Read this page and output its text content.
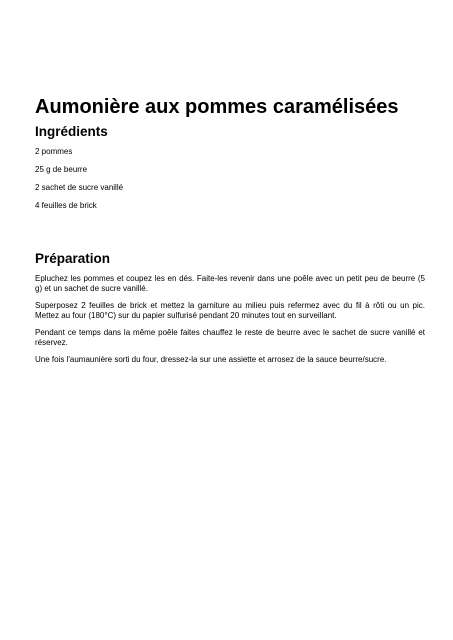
Aumonière aux pommes caramélisées
Ingrédients
2 pommes
25 g de beurre
2 sachet de sucre vanillé
4 feuilles de brick
Préparation

Epluchez les pommes et coupez les en dés. Faite-les revenir dans une poêle avec un petit peu de beurre (5 g) et un sachet de sucre vanillé.

Superposez 2 feuilles de brick et mettez la garniture au milieu puis refermez avec du fil à rôti ou un pic. Mettez au four (180°C) sur du papier sulfurisé pendant 20 minutes tout en surveillant.

Pendant ce temps dans la même poêle faites chauffez le reste de beurre avec le sachet de sucre vanillé et réservez.

Une fois l'aumaunière sorti du four, dressez-la sur une assiette et arrosez de la sauce beurre/sucre.
